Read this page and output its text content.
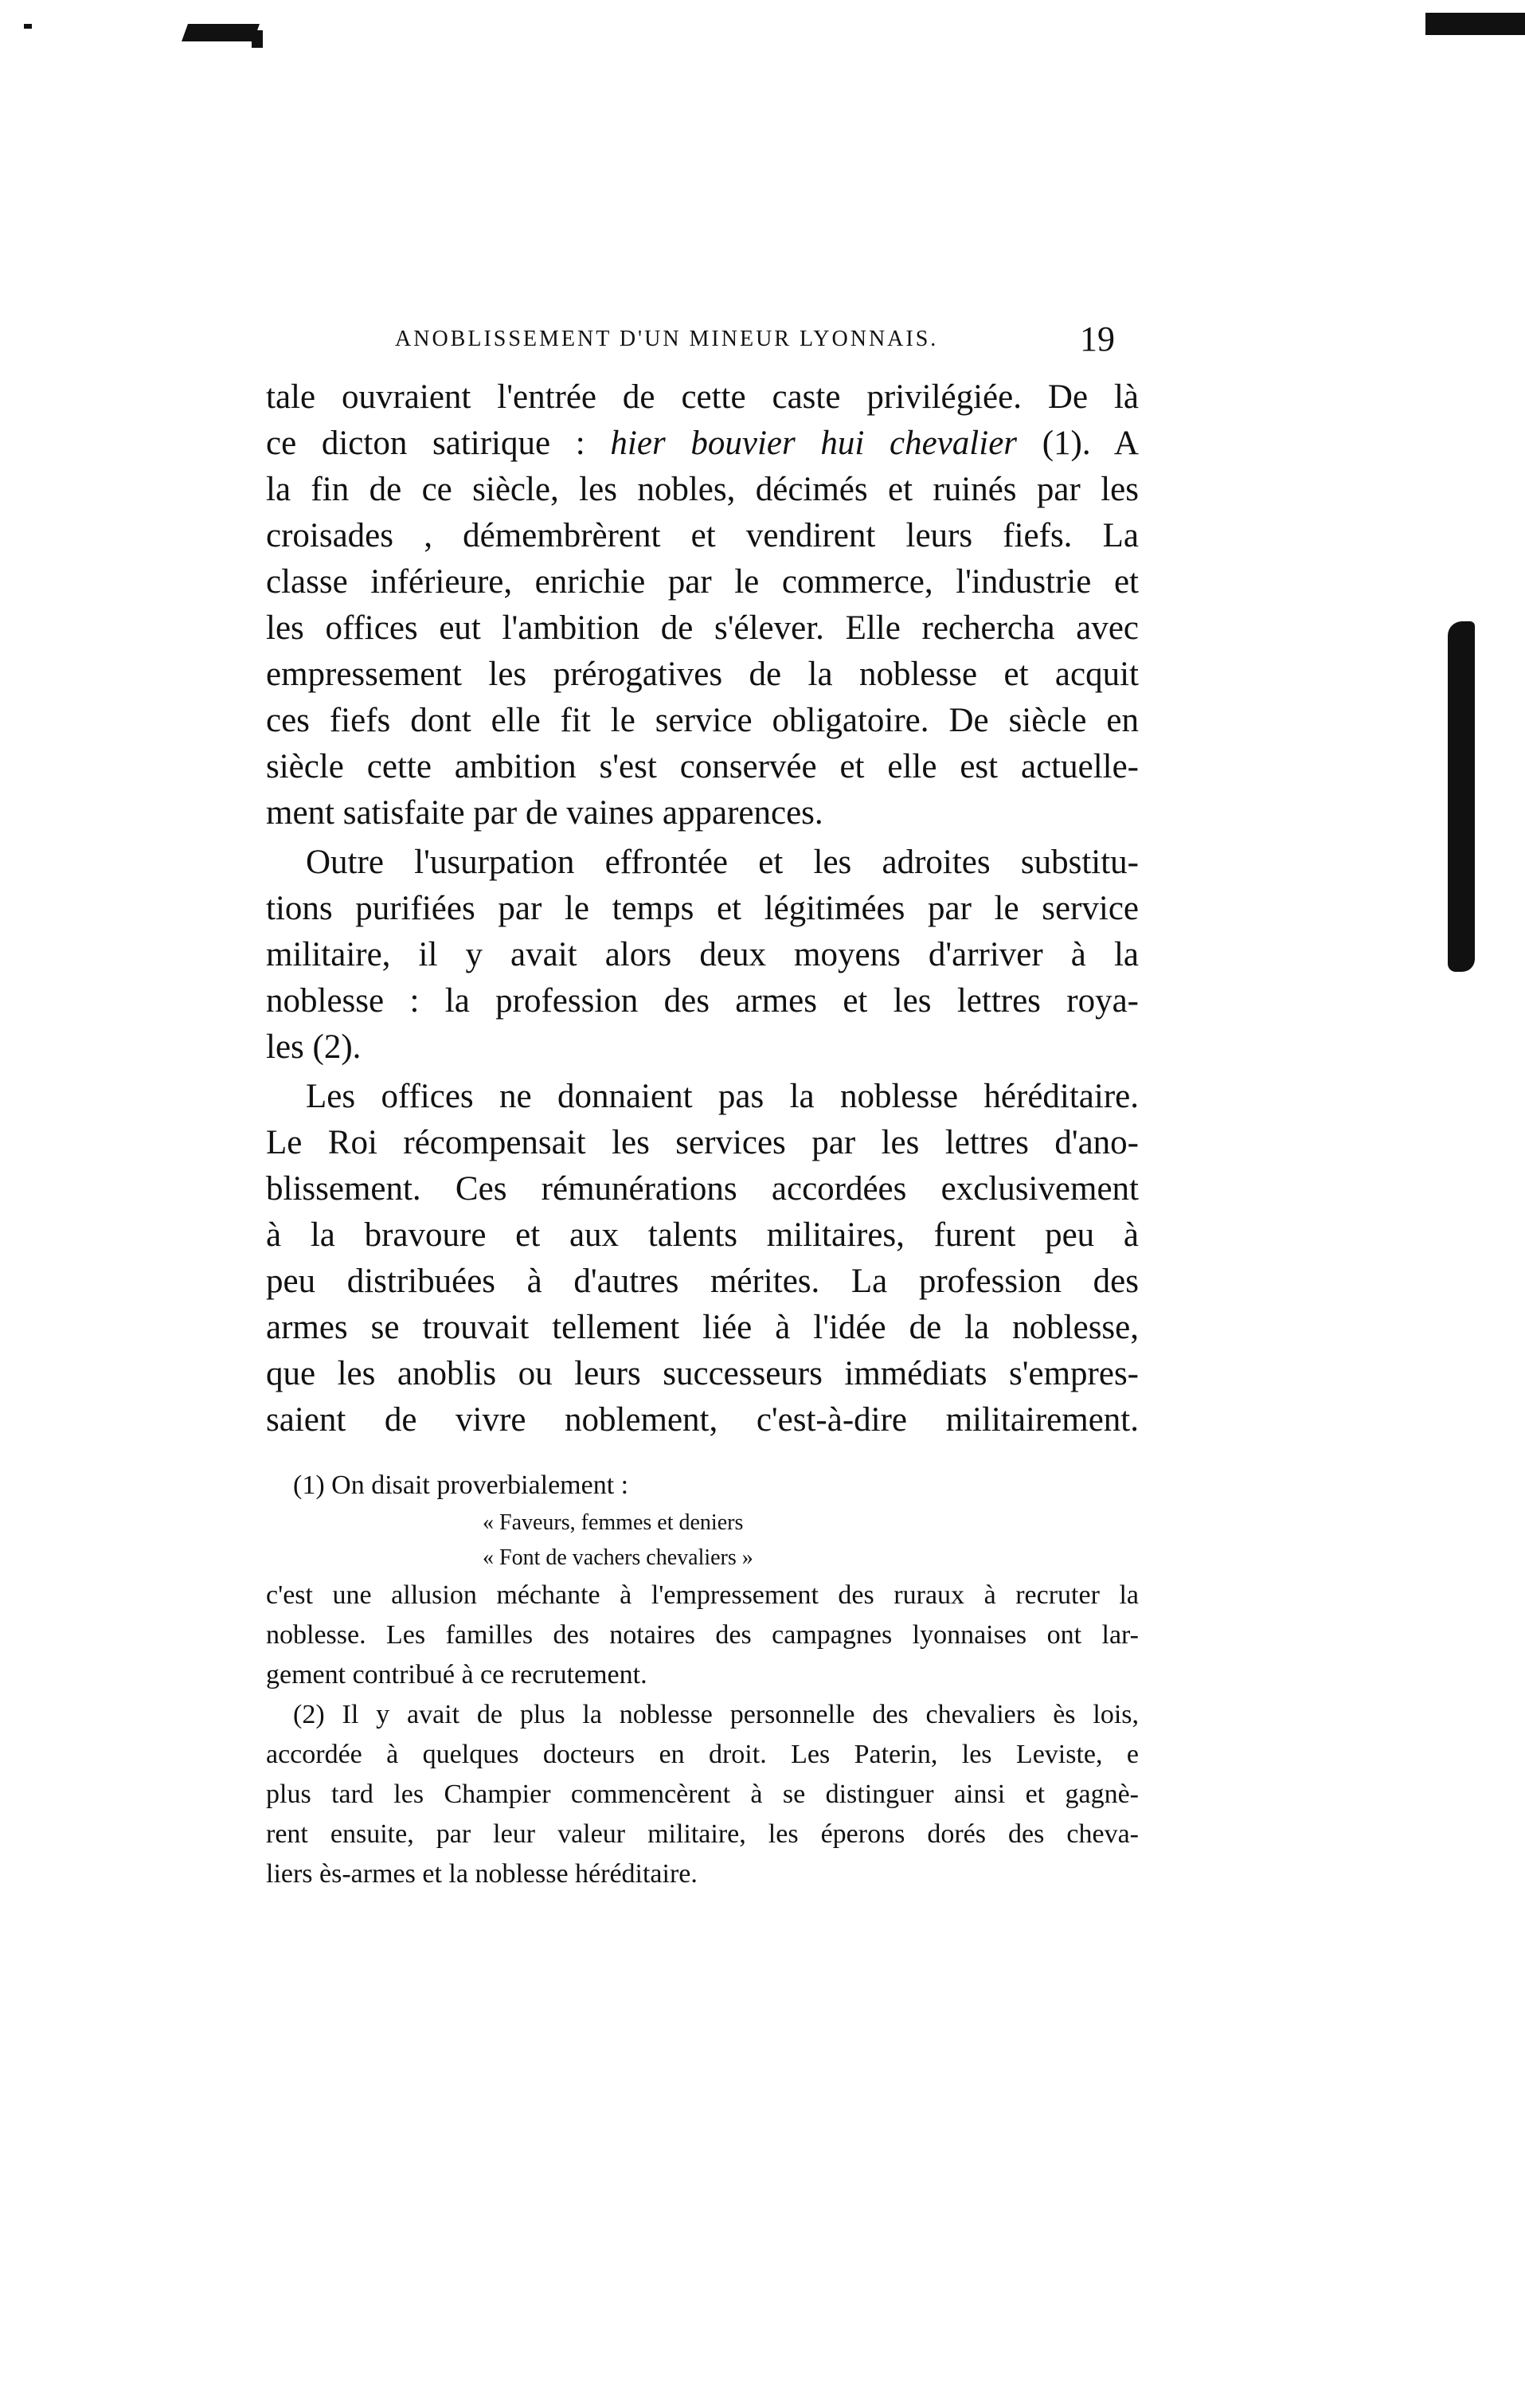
ANOBLISSEMENT D'UN MINEUR LYONNAIS.	19
tale ouvraient l'entrée de cette caste privilégiée. De là
ce dicton satirique : hier bouvier hui chevalier (1). A
la fin de ce siècle, les nobles, décimés et ruinés par les
croisades , démembrèrent et vendirent leurs fiefs. La
classe inférieure, enrichie par le commerce, l'industrie et
les offices eut l'ambition de s'élever. Elle rechercha avec
empressement les prérogatives de la noblesse et acquit
ces fiefs dont elle fit le service obligatoire. De siècle en
siècle cette ambition s'est conservée et elle est actuelle-
ment satisfaite par de vaines apparences.
Outre l'usurpation effrontée et les adroites substitu-
tions purifiées par le temps et légitimées par le service
militaire, il y avait alors deux moyens d'arriver à la
noblesse : la profession des armes et les lettres roya-
les (2).
Les offices ne donnaient pas la noblesse héréditaire.
Le Roi récompensait les services par les lettres d'ano-
blissement. Ces rémunérations accordées exclusivement
à la bravoure et aux talents militaires, furent peu à
peu distribuées à d'autres mérites. La profession des
armes se trouvait tellement liée à l'idée de la noblesse,
que les anoblis ou leurs successeurs immédiats s'empres-
saient de vivre noblement, c'est-à-dire militairement.
(1) On disait proverbialement :
« Faveurs, femmes et deniers
« Font de vachers chevaliers »
c'est une allusion méchante à l'empressement des ruraux à recruter la
noblesse. Les familles des notaires des campagnes lyonnaises ont lar-
gement contribué à ce recrutement.
(2) Il y avait de plus la noblesse personnelle des chevaliers ès lois,
accordée à quelques docteurs en droit. Les Paterin, les Leviste, e
plus tard les Champier commencèrent à se distinguer ainsi et gagnè-
rent ensuite, par leur valeur militaire, les éperons dorés des cheva-
liers ès-armes et la noblesse héréditaire.
